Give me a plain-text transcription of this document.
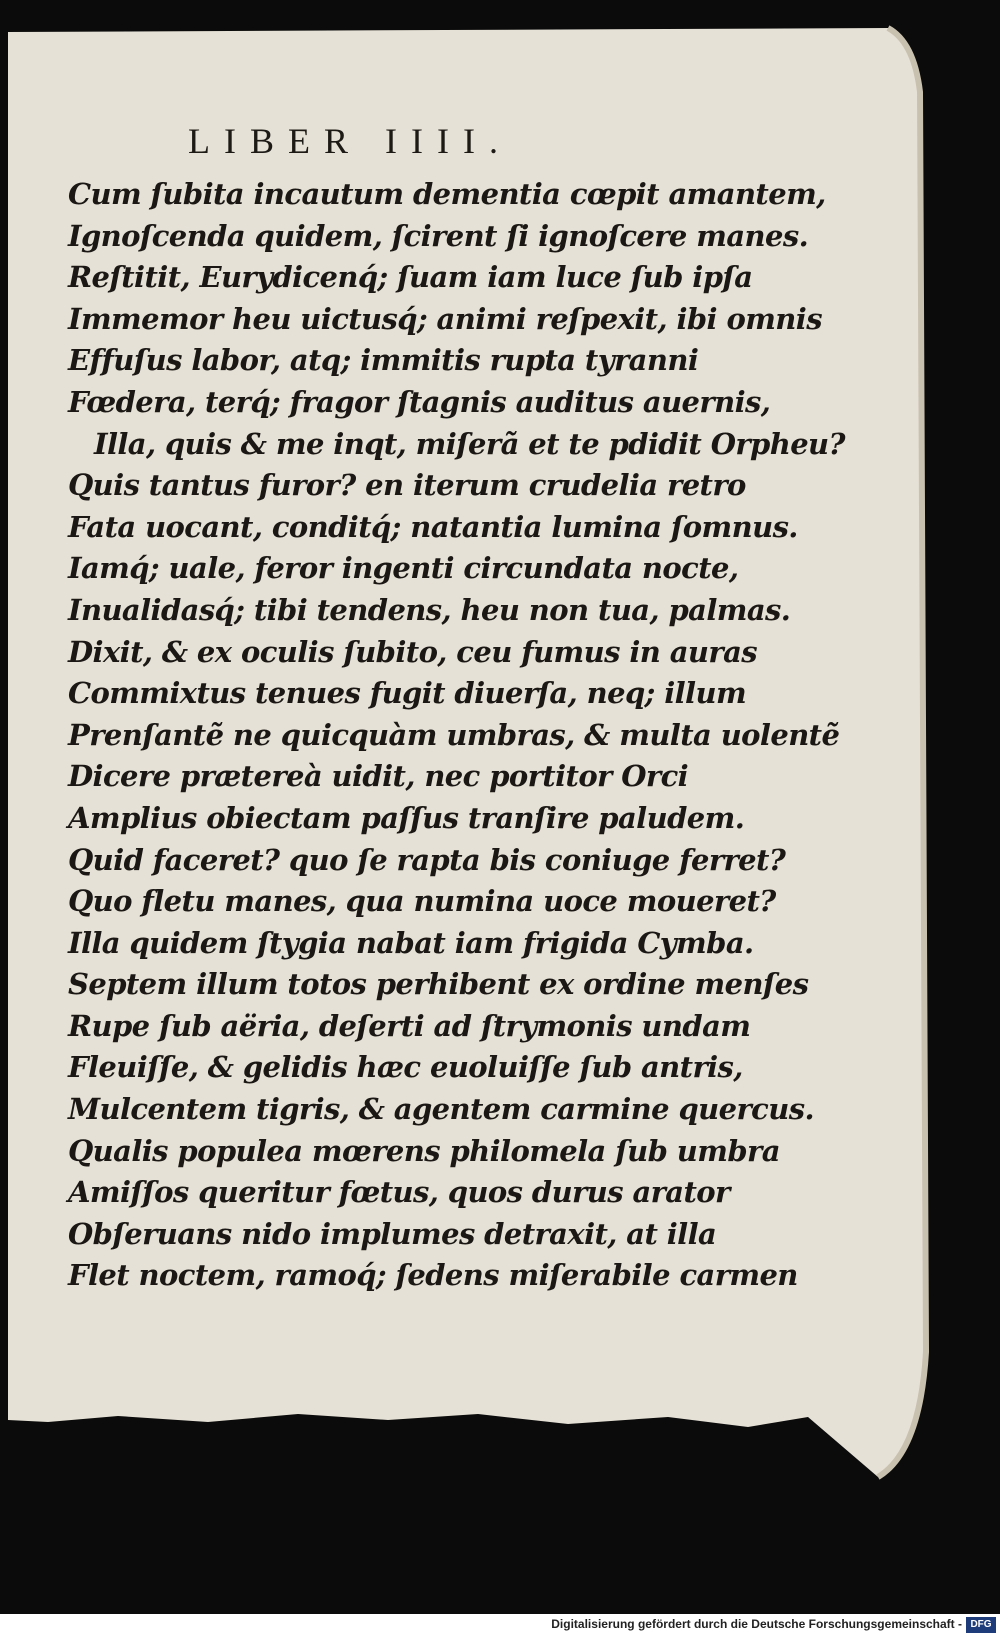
LIBER IIII.
Cum ſubita incautum dementia cœpit amantem,
Ignoſcenda quidem, ſcirent ſi ignoſcere manes.
Reſtitit, Eurydicenq́; ſuam iam luce ſub ipſa
Immemor heu uictusq́; animi reſpexit, ibi omnis
Effuſus labor, atq; immitis rupta tyranni
Fœdera, terq́; fragor ſtagnis auditus auernis,
Illa, quis & me inqt, miſerã et te pdidit Orpheu?
Quis tantus furor? en iterum crudelia retro
Fata uocant, conditq́; natantia lumina ſomnus.
Iamq́; uale, feror ingenti circundata nocte,
Inualidasq́; tibi tendens, heu non tua, palmas.
Dixit, & ex oculis ſubito, ceu fumus in auras
Commixtus tenues fugit diuerſa, neq; illum
Prenſantẽ ne quicquàm umbras, & multa uolentẽ
Dicere prætereà uidit, nec portitor Orci
Amplius obiectam paſſus tranſire paludem.
Quid faceret? quo ſe rapta bis coniuge ferret?
Quo fletu manes, qua numina uoce moueret?
Illa quidem ſtygia nabat iam frigida Cymba.
Septem illum totos perhibent ex ordine menſes
Rupe ſub aëria, deſerti ad ſtrymonis undam
Fleuiſſe, & gelidis hæc euoluiſſe ſub antris,
Mulcentem tigris, & agentem carmine quercus.
Qualis populea mœrens philomela ſub umbra
Amiſſos queritur fœtus, quos durus arator
Obſeruans nido implumes detraxit, at illa
Flet noctem, ramoq́; ſedens miſerabile carmen
Digitalisierung gefördert durch die Deutsche Forschungsgemeinschaft - DFG
